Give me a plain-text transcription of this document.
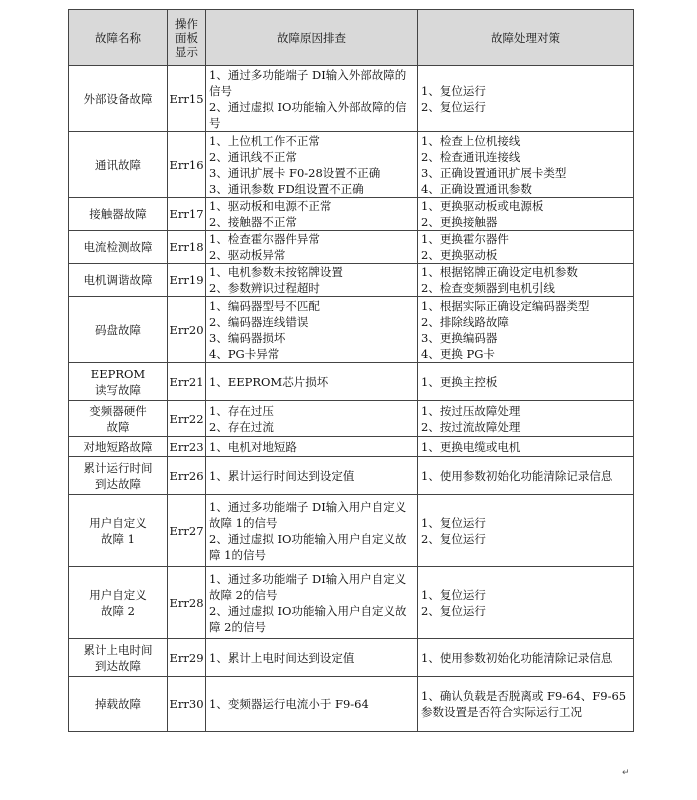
故障名称	操作
面板
显示	故障原因排查	故障处理对策

外部设备故障	Err15	1、通过多功能端子 DI输入外部故障的信号
2、通过虚拟 IO功能输入外部故障的信号	1、复位运行
2、复位运行

通讯故障	Err16	1、上位机工作不正常
2、通讯线不正常
3、通讯扩展卡 F0-28设置不正确
3、通讯参数 FD组设置不正确	1、检查上位机接线
2、检查通讯连接线
3、正确设置通讯扩展卡类型
4、正确设置通讯参数

接触器故障	Err17	1、驱动板和电源不正常
2、接触器不正常	1、更换驱动板或电源板
2、更换接触器

电流检测故障	Err18	1、检查霍尔器件异常
2、驱动板异常	1、更换霍尔器件
2、更换驱动板

电机调谐故障	Err19	1、电机参数未按铭牌设置
2、参数辨识过程超时	1、根据铭牌正确设定电机参数
2、检查变频器到电机引线

码盘故障	Err20	1、编码器型号不匹配
2、编码器连线错误
3、编码器损坏
4、PG卡异常	1、根据实际正确设定编码器类型
2、排除线路故障
3、更换编码器
4、更换 PG卡

EEPROM
读写故障	Err21	1、EEPROM芯片损坏	1、更换主控板

变频器硬件
故障	Err22	1、存在过压
2、存在过流	1、按过压故障处理
2、按过流故障处理

对地短路故障	Err23	1、电机对地短路	1、更换电缆或电机

累计运行时间
到达故障	Err26	1、累计运行时间达到设定值	1、使用参数初始化功能清除记录信息

用户自定义
故障 1	Err27	1、通过多功能端子 DI输入用户自定义故障 1的信号
2、通过虚拟 IO功能输入用户自定义故障 1的信号	1、复位运行
2、复位运行

用户自定义
故障 2	Err28	1、通过多功能端子 DI输入用户自定义故障 2的信号
2、通过虚拟 IO功能输入用户自定义故障 2的信号	1、复位运行
2、复位运行

累计上电时间
到达故障	Err29	1、累计上电时间达到设定值	1、使用参数初始化功能清除记录信息

掉载故障	Err30	1、变频器运行电流小于 F9-64	1、确认负载是否脱离或 F9-64、F9-65参数设置是否符合实际运行工况
↵
